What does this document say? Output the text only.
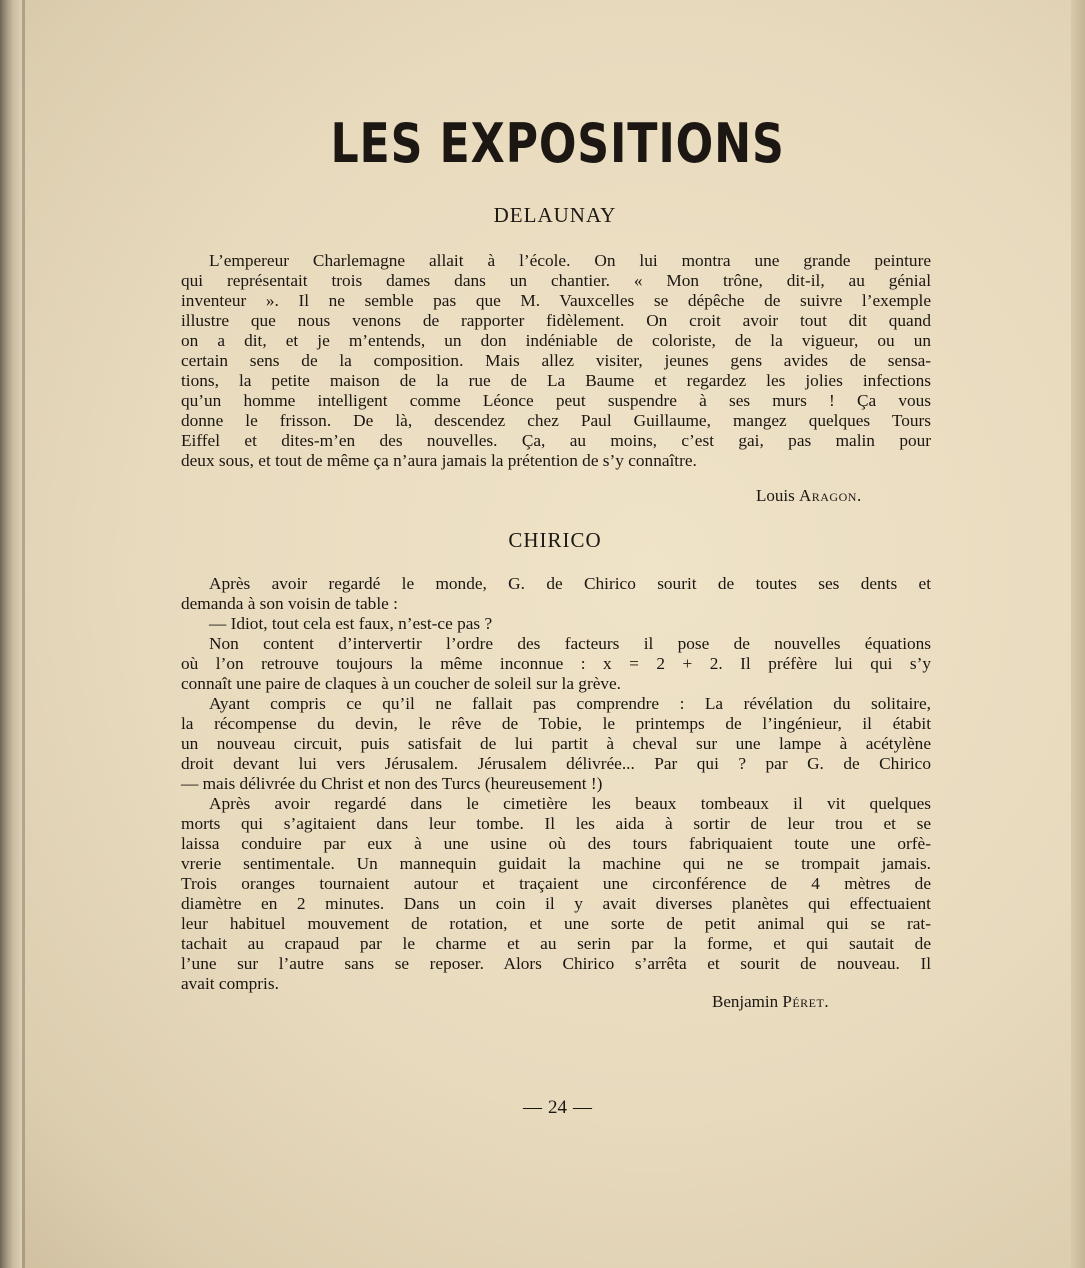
LES EXPOSITIONS
DELAUNAY
L’empereur Charlemagne allait à l’école. On lui montra une grande peinture
qui représentait trois dames dans un chantier. « Mon trône, dit-il, au génial
inventeur ». Il ne semble pas que M. Vauxcelles se dépêche de suivre l’exemple
illustre que nous venons de rapporter fidèlement. On croit avoir tout dit quand
on a dit, et je m’entends, un don indéniable de coloriste, de la vigueur, ou un
certain sens de la composition. Mais allez visiter, jeunes gens avides de sensa-
tions, la petite maison de la rue de La Baume et regardez les jolies infections
qu’un homme intelligent comme Léonce peut suspendre à ses murs ! Ça vous
donne le frisson. De là, descendez chez Paul Guillaume, mangez quelques Tours
Eiffel et dites-m’en des nouvelles. Ça, au moins, c’est gai, pas malin pour
deux sous, et tout de même ça n’aura jamais la prétention de s’y connaître.
Louis Aragon.
CHIRICO
Après avoir regardé le monde, G. de Chirico sourit de toutes ses dents et
demanda à son voisin de table :
— Idiot, tout cela est faux, n’est-ce pas ?
Non content d’intervertir l’ordre des facteurs il pose de nouvelles équations
où l’on retrouve toujours la même inconnue : x = 2 + 2. Il préfère lui qui s’y
connaît une paire de claques à un coucher de soleil sur la grève.
Ayant compris ce qu’il ne fallait pas comprendre : La révélation du solitaire,
la récompense du devin, le rêve de Tobie, le printemps de l’ingénieur, il étabit
un nouveau circuit, puis satisfait de lui partit à cheval sur une lampe à acétylène
droit devant lui vers Jérusalem. Jérusalem délivrée... Par qui ? par G. de Chirico
— mais délivrée du Christ et non des Turcs (heureusement !)
Après avoir regardé dans le cimetière les beaux tombeaux il vit quelques
morts qui s’agitaient dans leur tombe. Il les aida à sortir de leur trou et se
laissa conduire par eux à une usine où des tours fabriquaient toute une orfè-
vrerie sentimentale. Un mannequin guidait la machine qui ne se trompait jamais.
Trois oranges tournaient autour et traçaient une circonférence de 4 mètres de
diamètre en 2 minutes. Dans un coin il y avait diverses planètes qui effectuaient
leur habituel mouvement de rotation, et une sorte de petit animal qui se rat-
tachait au crapaud par le charme et au serin par la forme, et qui sautait de
l’une sur l’autre sans se reposer. Alors Chirico s’arrêta et sourit de nouveau. Il
avait compris.
Benjamin Péret.
— 24 —
